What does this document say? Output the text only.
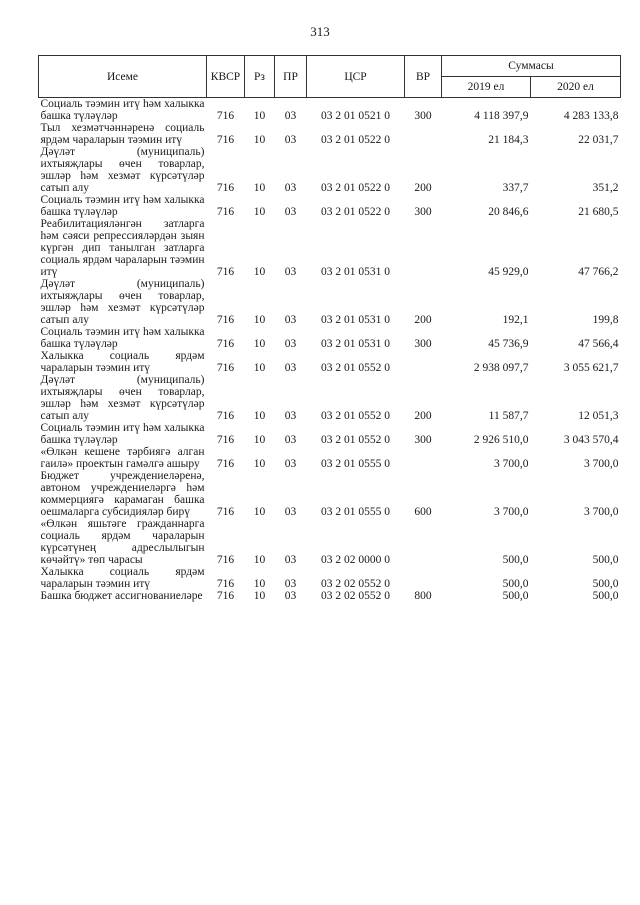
313
Исеме	КВСР	Рз	ПР	ЦСР	ВР	Суммасы	
						2019 ел	2020 ел
Социаль тәэмин итү һәм халыкка башка түләүләр	716	10	03	03 2 01 0521 0	300	4 118 397,9	4 283 133,8
Тыл хезмәтчәннәренә социаль ярдәм чараларын тәэмин итү	716	10	03	03 2 01 0522 0		21 184,3	22 031,7
Дәүләт (муниципаль) ихтыяҗлары өчен товарлар, эшләр һәм хезмәт күрсәтүләр сатып алу	716	10	03	03 2 01 0522 0	200	337,7	351,2
Социаль тәэмин итү һәм халыкка башка түләүләр	716	10	03	03 2 01 0522 0	300	20 846,6	21 680,5
Реабилитацияләнгән затларга һәм сәяси репрессияләрдән зыян күргән дип танылган затларга социаль ярдәм чараларын тәэмин итү	716	10	03	03 2 01 0531 0		45 929,0	47 766,2
Дәүләт (муниципаль) ихтыяҗлары өчен товарлар, эшләр һәм хезмәт күрсәтүләр сатып алу	716	10	03	03 2 01 0531 0	200	192,1	199,8
Социаль тәэмин итү һәм халыкка башка түләүләр	716	10	03	03 2 01 0531 0	300	45 736,9	47 566,4
Халыкка социаль ярдәм чараларын тәэмин итү	716	10	03	03 2 01 0552 0		2 938 097,7	3 055 621,7
Дәүләт (муниципаль) ихтыяҗлары өчен товарлар, эшләр һәм хезмәт күрсәтүләр сатып алу	716	10	03	03 2 01 0552 0	200	11 587,7	12 051,3
Социаль тәэмин итү һәм халыкка башка түләүләр	716	10	03	03 2 01 0552 0	300	2 926 510,0	3 043 570,4
«Өлкән кешене тәрбиягә алган гаилә» проектын гамәлгә ашыру	716	10	03	03 2 01 0555 0		3 700,0	3 700,0
Бюджет учреждениеләренә, автоном учреждениеләргә һәм коммерциягә карамаган башка оешмаларга субсидияләр бирү	716	10	03	03 2 01 0555 0	600	3 700,0	3 700,0
«Өлкән яшьтәге гражданнарга социаль ярдәм чараларын күрсәтүнең адреслылыгын көчәйтү» төп чарасы	716	10	03	03 2 02 0000 0		500,0	500,0
Халыкка социаль ярдәм чараларын тәэмин итү	716	10	03	03 2 02 0552 0		500,0	500,0
Башка бюджет ассигнованиеләре	716	10	03	03 2 02 0552 0	800	500,0	500,0
